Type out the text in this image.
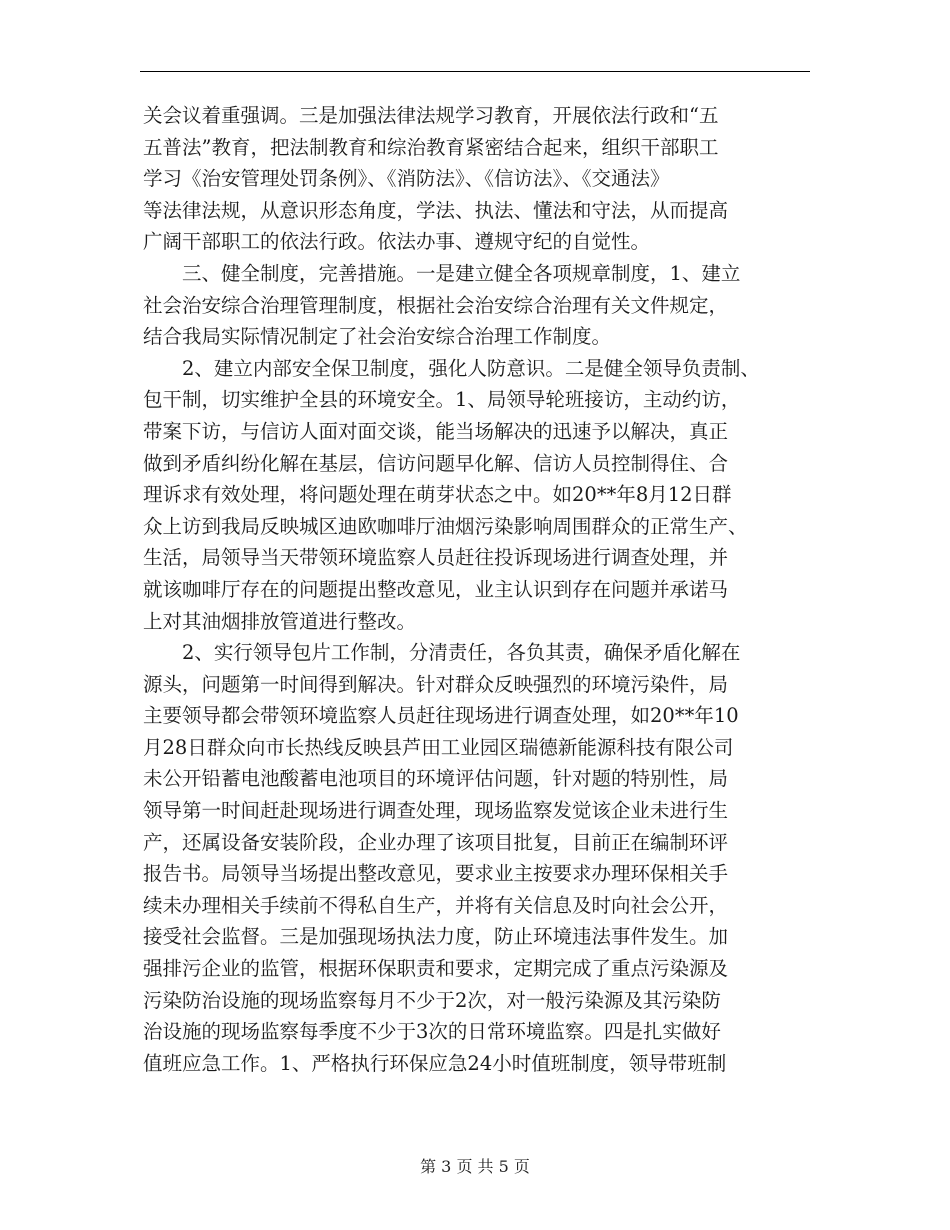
关会议着重强调。三是加强法律法规学习教育，开展依法行政和“五
五普法”教育，把法制教育和综治教育紧密结合起来，组织干部职工
学习《治安管理处罚条例》、《消防法》、《信访法》、《交通法》
等法律法规，从意识形态角度，学法、执法、懂法和守法，从而提高
广阔干部职工的依法行政。依法办事、遵规守纪的自觉性。
三、健全制度，完善措施。一是建立健全各项规章制度，1、建立
社会治安综合治理管理制度，根据社会治安综合治理有关文件规定，
结合我局实际情况制定了社会治安综合治理工作制度。
2、建立内部安全保卫制度，强化人防意识。二是健全领导负责制、
包干制，切实维护全县的环境安全。1、局领导轮班接访，主动约访，
带案下访，与信访人面对面交谈，能当场解决的迅速予以解决，真正
做到矛盾纠纷化解在基层，信访问题早化解、信访人员控制得住、合
理诉求有效处理，将问题处理在萌芽状态之中。如20**年8月12日群
众上访到我局反映城区迪欧咖啡厅油烟污染影响周围群众的正常生产、
生活，局领导当天带领环境监察人员赶往投诉现场进行调查处理，并
就该咖啡厅存在的问题提出整改意见，业主认识到存在问题并承诺马
上对其油烟排放管道进行整改。
2、实行领导包片工作制，分清责任，各负其责，确保矛盾化解在
源头，问题第一时间得到解决。针对群众反映强烈的环境污染件，局
主要领导都会带领环境监察人员赶往现场进行调查处理，如20**年10
月28日群众向市长热线反映县芦田工业园区瑞德新能源科技有限公司
未公开铅蓄电池酸蓄电池项目的环境评估问题，针对题的特别性，局
领导第一时间赶赴现场进行调查处理，现场监察发觉该企业未进行生
产，还属设备安装阶段，企业办理了该项目批复，目前正在编制环评
报告书。局领导当场提出整改意见，要求业主按要求办理环保相关手
续未办理相关手续前不得私自生产，并将有关信息及时向社会公开，
接受社会监督。三是加强现场执法力度，防止环境违法事件发生。加
强排污企业的监管，根据环保职责和要求，定期完成了重点污染源及
污染防治设施的现场监察每月不少于2次，对一般污染源及其污染防
治设施的现场监察每季度不少于3次的日常环境监察。四是扎实做好
值班应急工作。1、严格执行环保应急24小时值班制度，领导带班制
第 3 页 共 5 页
